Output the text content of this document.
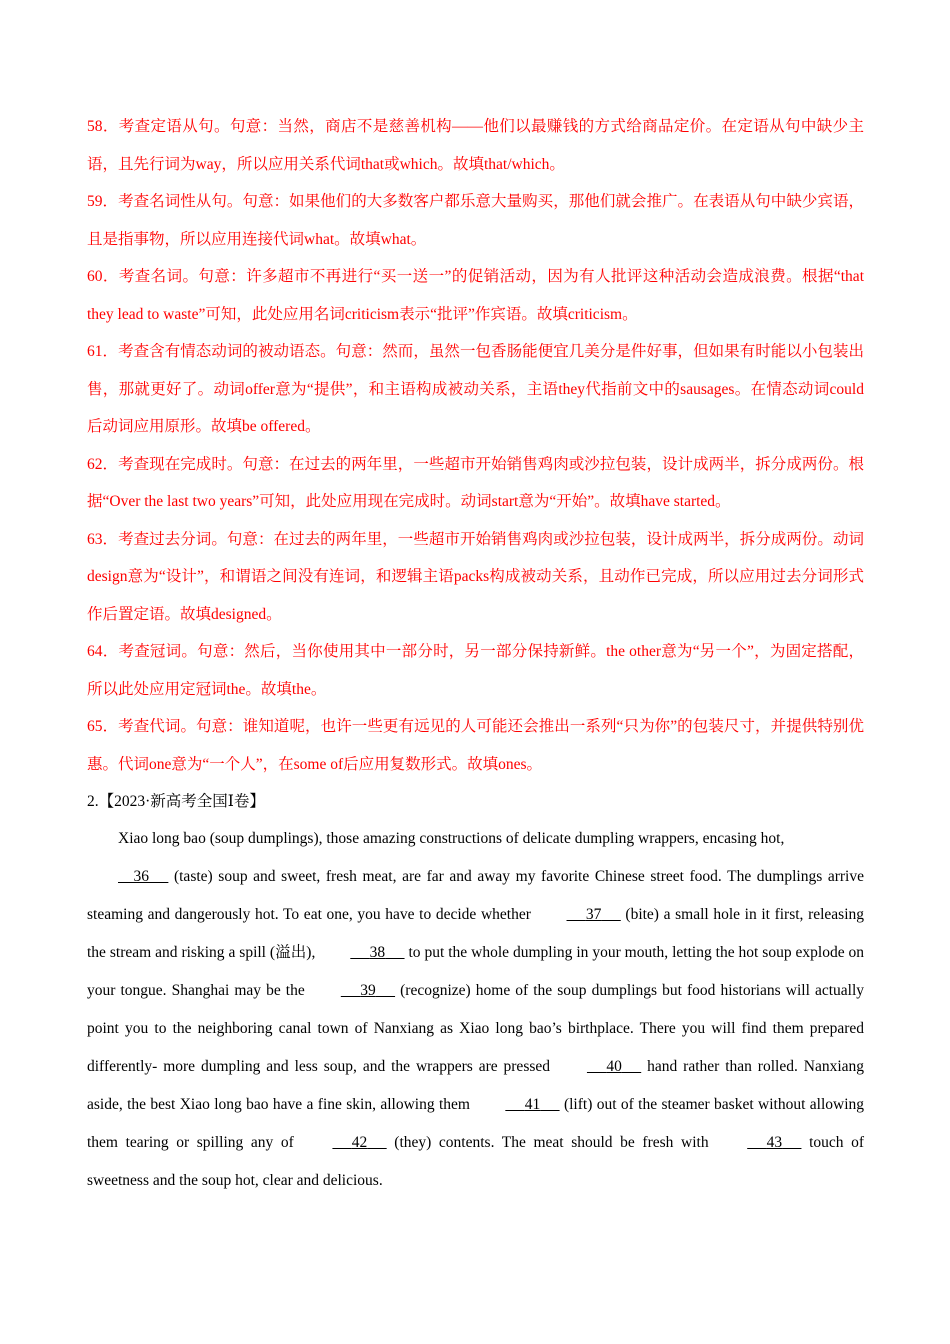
58．考查定语从句。句意：当然，商店不是慈善机构——他们以最赚钱的方式给商品定价。在定语从句中缺少主语，且先行词为way，所以应用关系代词that或which。故填that/which。

59．考查名词性从句。句意：如果他们的大多数客户都乐意大量购买，那他们就会推广。在表语从句中缺少宾语，且是指事物，所以应用连接代词what。故填what。

60．考查名词。句意：许多超市不再进行“买一送一”的促销活动，因为有人批评这种活动会造成浪费。根据“that they lead to waste”可知，此处应用名词criticism表示“批评”作宾语。故填criticism。

61．考查含有情态动词的被动语态。句意：然而，虽然一包香肠能便宜几美分是件好事，但如果有时能以小包装出售，那就更好了。动词offer意为“提供”，和主语构成被动关系，主语they代指前文中的sausages。在情态动词could后动词应用原形。故填be offered。

62．考查现在完成时。句意：在过去的两年里，一些超市开始销售鸡肉或沙拉包装，设计成两半，拆分成两份。根据“Over the last two years”可知，此处应用现在完成时。动词start意为“开始”。故填have started。

63．考查过去分词。句意：在过去的两年里，一些超市开始销售鸡肉或沙拉包装，设计成两半，拆分成两份。动词design意为“设计”，和谓语之间没有连词，和逻辑主语packs构成被动关系，且动作已完成，所以应用过去分词形式作后置定语。故填designed。

64．考查冠词。句意：然后，当你使用其中一部分时，另一部分保持新鲜。the other意为“另一个”，为固定搭配，所以此处应用定冠词the。故填the。

65．考查代词。句意：谁知道呢，也许一些更有远见的人可能还会推出一系列“只为你”的包装尺寸，并提供特别优惠。代词one意为“一个人”，在some of后应用复数形式。故填ones。

2.【2023·新高考全国Ⅰ卷】

Xiao long bao (soup dumplings), those amazing constructions of delicate dumpling wrappers, encasing hot,
36 (taste) soup and sweet, fresh meat, are far and away my favorite Chinese street food. The dumplings arrive steaming and dangerously hot. To eat one, you have to decide whether	37 (bite) a small hole in it first, releasing the stream and risking a spill (溢出),	38 to put the whole dumpling in your mouth, letting the hot soup explode on your tongue. Shanghai may be the	39 (recognize) home of the soup dumplings but food historians will actually point you to the neighboring canal town of Nanxiang as Xiao long bao’s birthplace. There you will find them prepared differently- more dumpling and less soup, and the wrappers are pressed	40 hand rather than rolled. Nanxiang aside, the best Xiao long bao have a fine skin, allowing them	41 (lift) out of the steamer basket without allowing them tearing or spilling any of	42 (they) contents. The meat should be fresh with	43 touch of sweetness and the soup hot, clear and delicious.
